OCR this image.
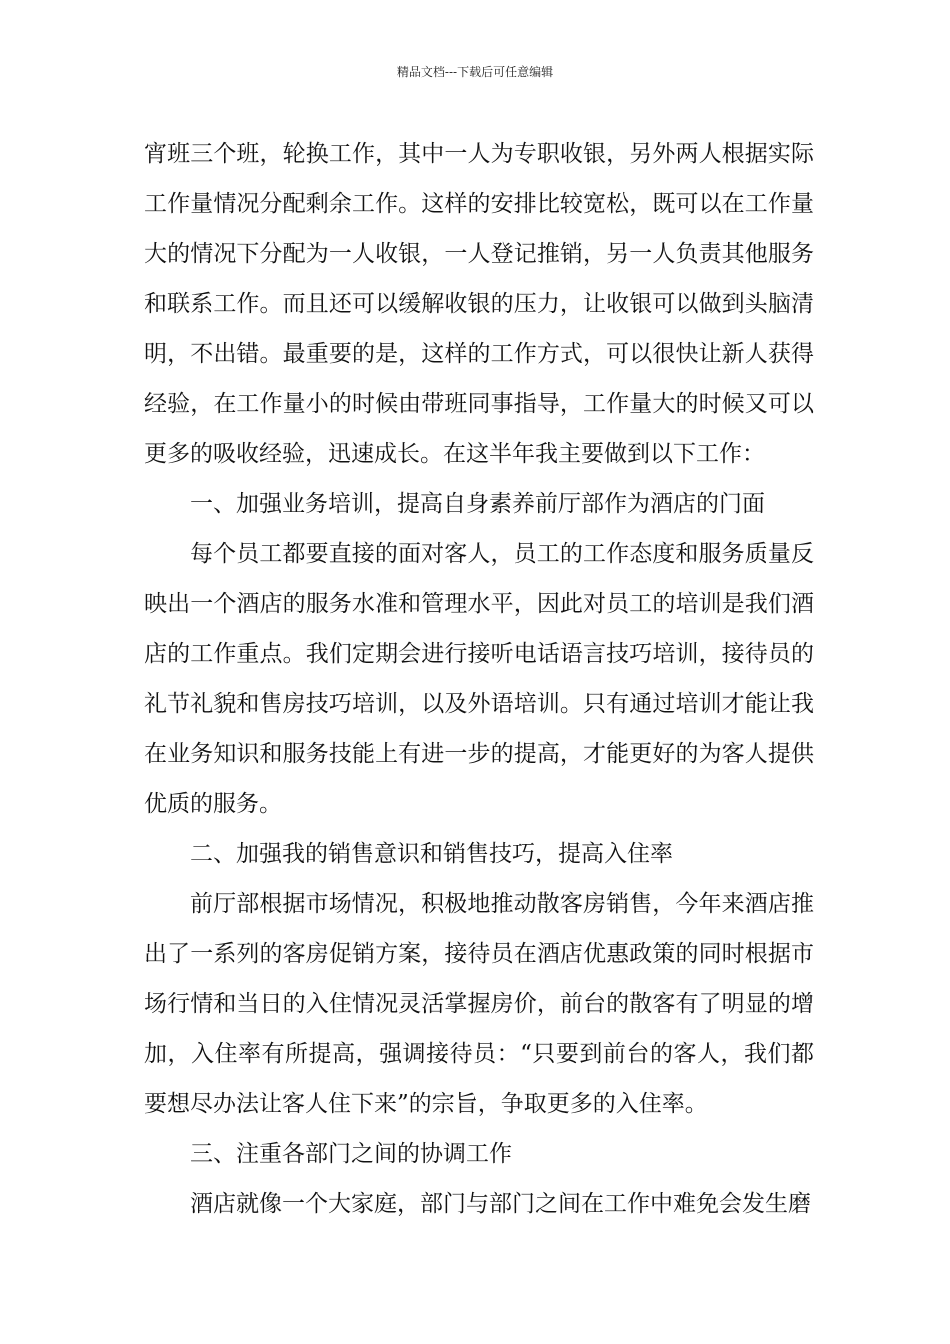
精品文档---下载后可任意编辑

宵班三个班，轮换工作，其中一人为专职收银，另外两人根据实际工作量情况分配剩余工作。这样的安排比较宽松，既可以在工作量大的情况下分配为一人收银，一人登记推销，另一人负责其他服务和联系工作。而且还可以缓解收银的压力，让收银可以做到头脑清明，不出错。最重要的是，这样的工作方式，可以很快让新人获得经验，在工作量小的时候由带班同事指导，工作量大的时候又可以更多的吸收经验，迅速成长。在这半年我主要做到以下工作：

一、加强业务培训，提高自身素养前厅部作为酒店的门面

每个员工都要直接的面对客人，员工的工作态度和服务质量反映出一个酒店的服务水准和管理水平，因此对员工的培训是我们酒店的工作重点。我们定期会进行接听电话语言技巧培训，接待员的礼节礼貌和售房技巧培训，以及外语培训。只有通过培训才能让我在业务知识和服务技能上有进一步的提高，才能更好的为客人提供优质的服务。

二、加强我的销售意识和销售技巧，提高入住率

前厅部根据市场情况，积极地推动散客房销售，今年来酒店推出了一系列的客房促销方案，接待员在酒店优惠政策的同时根据市场行情和当日的入住情况灵活掌握房价，前台的散客有了明显的增加，入住率有所提高，强调接待员：“只要到前台的客人，我们都要想尽办法让客人住下来”的宗旨，争取更多的入住率。

三、注重各部门之间的协调工作

酒店就像一个大家庭，部门与部门之间在工作中难免会发生磨
